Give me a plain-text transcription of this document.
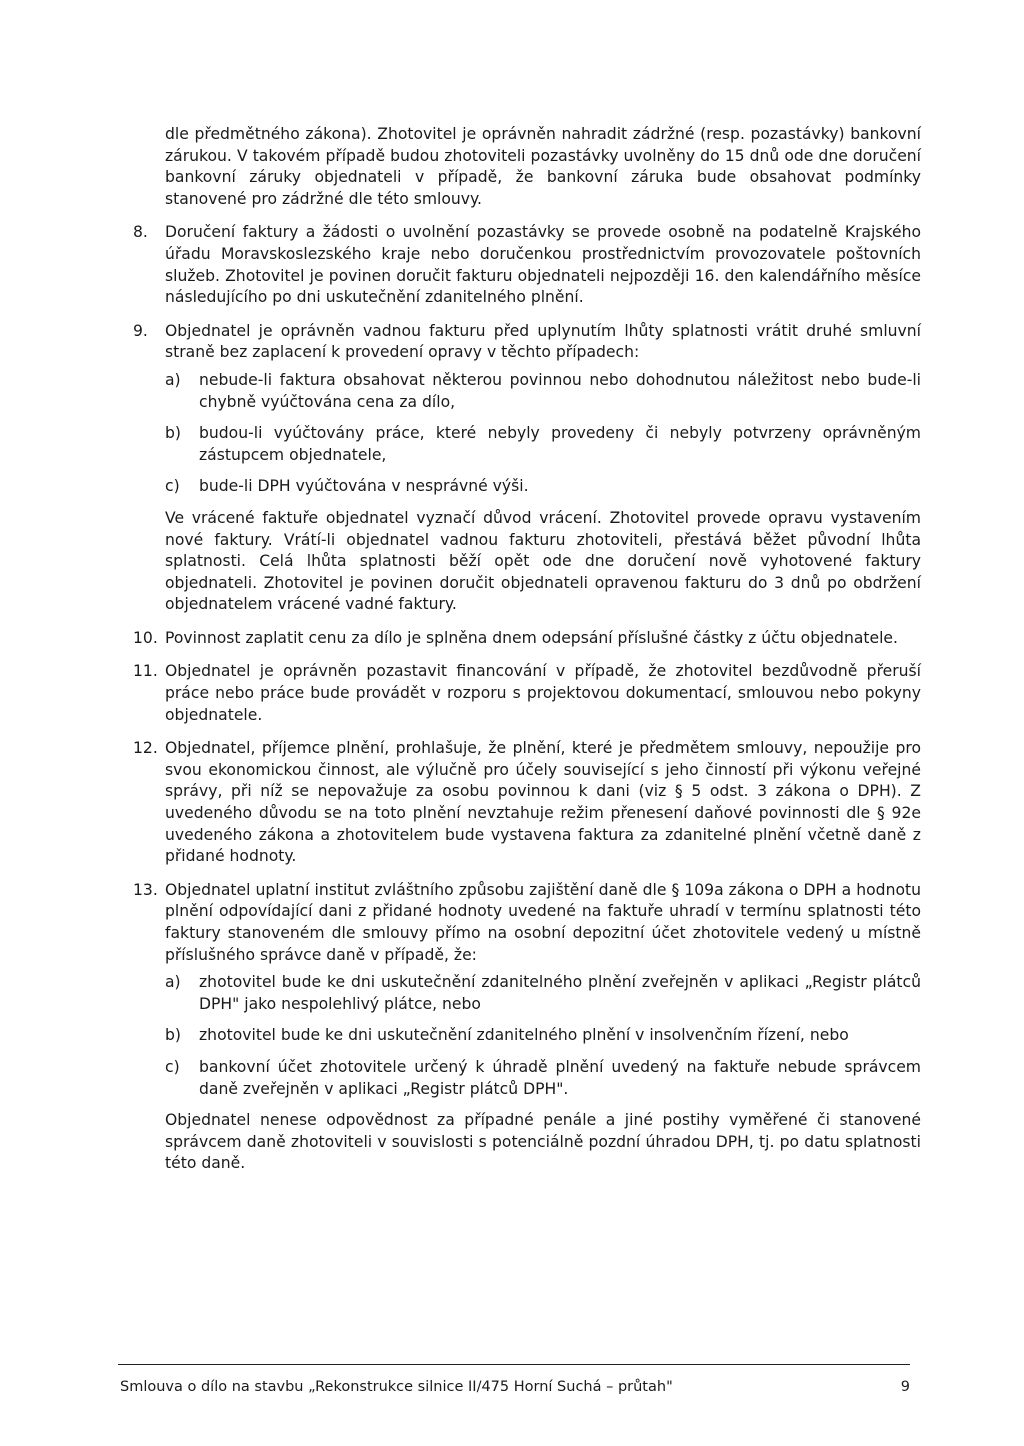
dle předmětného zákona). Zhotovitel je oprávněn nahradit zádržné (resp. pozastávky) bankovní zárukou. V takovém případě budou zhotoviteli pozastávky uvolněny do 15 dnů ode dne doručení bankovní záruky objednateli v případě, že bankovní záruka bude obsahovat podmínky stanovené pro zádržné dle této smlouvy.

8.	Doručení faktury a žádosti o uvolnění pozastávky se provede osobně na podatelně Krajského úřadu Moravskoslezského kraje nebo doručenkou prostřednictvím provozovatele poštovních služeb. Zhotovitel je povinen doručit fakturu objednateli nejpozději 16. den kalendářního měsíce následujícího po dni uskutečnění zdanitelného plnění.
9.	Objednatel je oprávněn vadnou fakturu před uplynutím lhůty splatnosti vrátit druhé smluvní straně bez zaplacení k provedení opravy v těchto případech:
a) nebude-li faktura obsahovat některou povinnou nebo dohodnutou náležitost nebo bude-li chybně vyúčtována cena za dílo,
b) budou-li vyúčtovány práce, které nebyly provedeny či nebyly potvrzeny oprávněným zástupcem objednatele,
c) bude-li DPH vyúčtována v nesprávné výši.
Ve vrácené faktuře objednatel vyznačí důvod vrácení. Zhotovitel provede opravu vystavením nové faktury. Vrátí-li objednatel vadnou fakturu zhotoviteli, přestává běžet původní lhůta splatnosti. Celá lhůta splatnosti běží opět ode dne doručení nově vyhotovené faktury objednateli. Zhotovitel je povinen doručit objednateli opravenou fakturu do 3 dnů po obdržení objednatelem vrácené vadné faktury.
10. Povinnost zaplatit cenu za dílo je splněna dnem odepsání příslušné částky z účtu objednatele.
11. Objednatel je oprávněn pozastavit financování v případě, že zhotovitel bezdůvodně přeruší práce nebo práce bude provádět v rozporu s projektovou dokumentací, smlouvou nebo pokyny objednatele.
12. Objednatel, příjemce plnění, prohlašuje, že plnění, které je předmětem smlouvy, nepoužije pro svou ekonomickou činnost, ale výlučně pro účely související s jeho činností při výkonu veřejné správy, při níž se nepovažuje za osobu povinnou k dani (viz § 5 odst. 3 zákona o DPH). Z uvedeného důvodu se na toto plnění nevztahuje režim přenesení daňové povinnosti dle § 92e uvedeného zákona a zhotovitelem bude vystavena faktura za zdanitelné plnění včetně daně z přidané hodnoty.
13. Objednatel uplatní institut zvláštního způsobu zajištění daně dle § 109a zákona o DPH a hodnotu plnění odpovídající dani z přidané hodnoty uvedené na faktuře uhradí v termínu splatnosti této faktury stanoveném dle smlouvy přímo na osobní depozitní účet zhotovitele vedený u místně příslušného správce daně v případě, že:
a) zhotovitel bude ke dni uskutečnění zdanitelného plnění zveřejněn v aplikaci „Registr plátců DPH" jako nespolehlivý plátce, nebo
b) zhotovitel bude ke dni uskutečnění zdanitelného plnění v insolvenčním řízení, nebo
c) bankovní účet zhotovitele určený k úhradě plnění uvedený na faktuře nebude správcem daně zveřejněn v aplikaci „Registr plátců DPH".
Objednatel nenese odpovědnost za případné penále a jiné postihy vyměřené či stanovené správcem daně zhotoviteli v souvislosti s potenciálně pozdní úhradou DPH, tj. po datu splatnosti této daně.
Smlouva o dílo na stavbu „Rekonstrukce silnice II/475 Horní Suchá – průtah"	9
